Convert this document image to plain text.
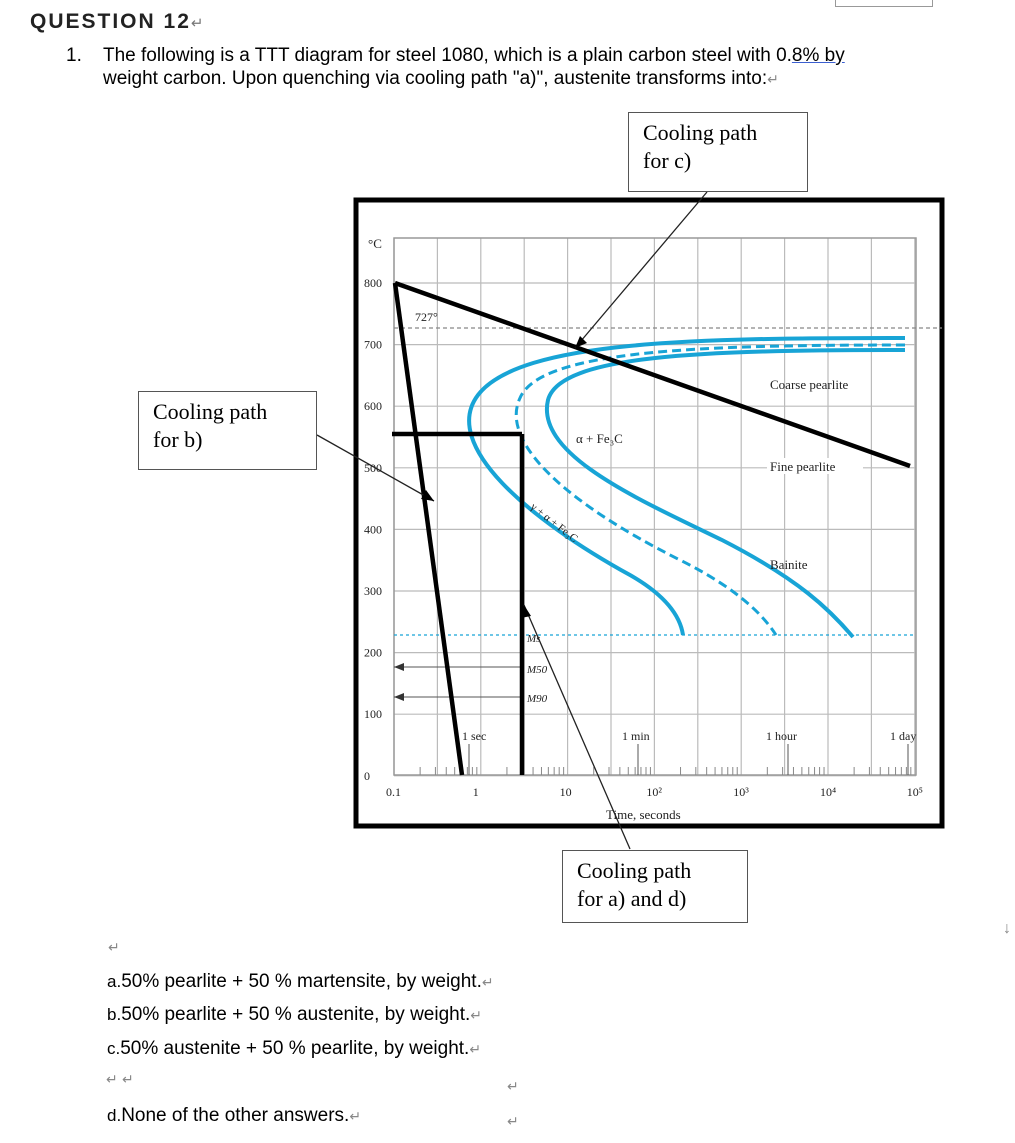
QUESTION 12↵
1. The following is a TTT diagram for steel 1080, which is a plain carbon steel with 0.8% by
weight carbon. Upon quenching via cooling path "a)", austenite transforms into:↵
800
700
600
500
400
300
200
100
0
0.1	1	10	10²	10³	10⁴	10⁵
°C
727°
Time, seconds
1 sec	1 min	1 hour	1 day
Coarse pearlite
Fine pearlite
Bainite
α + Fe₃C
γ + α + Fe₃C
Ms
M50
M90
Cooling path
for c)
Cooling path
for b)
Cooling path
for a) and d)
↵
↓
a.50% pearlite + 50 % martensite, by weight.↵
b.50% pearlite + 50 % austenite, by weight.↵
c.50% austenite + 50 % pearlite, by weight.↵
↵ ↵	↵
d.None of the other answers.↵	↵
